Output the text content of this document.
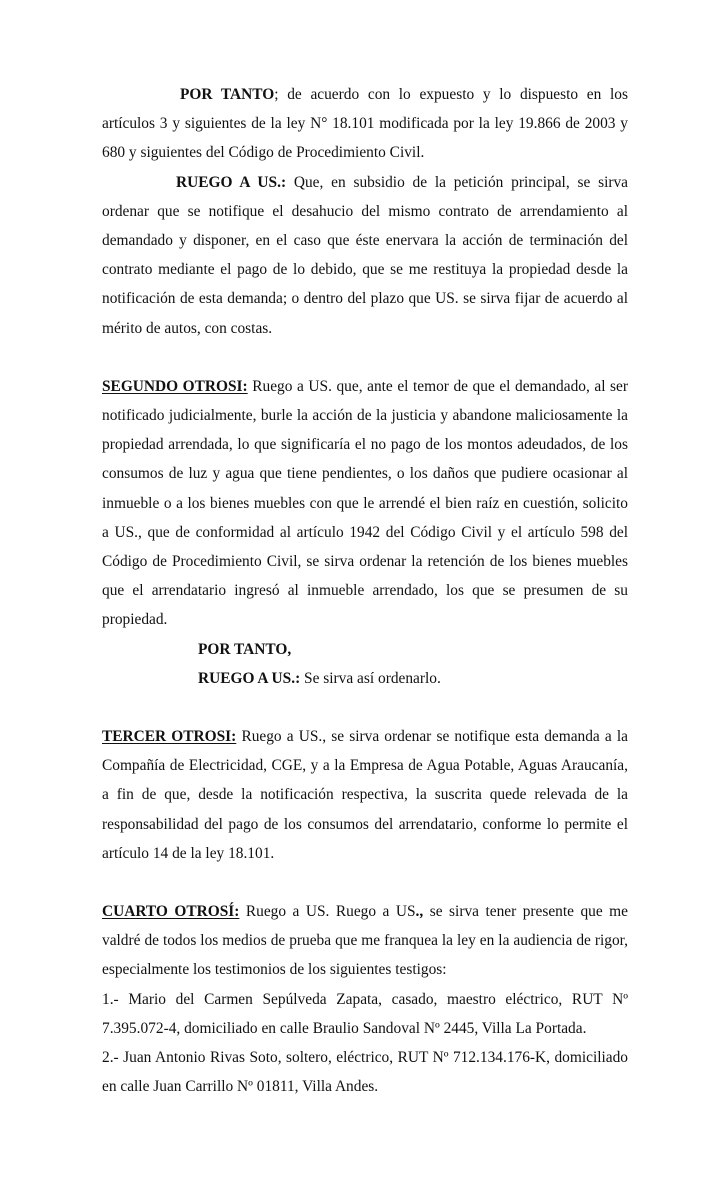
POR TANTO; de acuerdo con lo expuesto y lo dispuesto en los artículos 3 y siguientes de la ley N° 18.101 modificada por la ley 19.866 de 2003 y 680 y siguientes del Código de Procedimiento Civil.

RUEGO A US.: Que, en subsidio de la petición principal, se sirva ordenar que se notifique el desahucio del mismo contrato de arrendamiento al demandado y disponer, en el caso que éste enervara la acción de terminación del contrato mediante el pago de lo debido, que se me restituya la propiedad desde la notificación de esta demanda; o dentro del plazo que US. se sirva fijar de acuerdo al mérito de autos, con costas.

SEGUNDO OTROSI: Ruego a US. que, ante el temor de que el demandado, al ser notificado judicialmente, burle la acción de la justicia y abandone maliciosamente la propiedad arrendada, lo que significaría el no pago de los montos adeudados, de los consumos de luz y agua que tiene pendientes, o los daños que pudiere ocasionar al inmueble o a los bienes muebles con que le arrendé el bien raíz en cuestión, solicito a US., que de conformidad al artículo 1942 del Código Civil y el artículo 598 del Código de Procedimiento Civil, se sirva ordenar la retención de los bienes muebles que el arrendatario ingresó al inmueble arrendado, los que se presumen de su propiedad.

POR TANTO,

RUEGO A US.: Se sirva así ordenarlo.

TERCER OTROSI: Ruego a US., se sirva ordenar se notifique esta demanda a la Compañía de Electricidad, CGE, y a la Empresa de Agua Potable, Aguas Araucanía, a fin de que, desde la notificación respectiva, la suscrita quede relevada de la responsabilidad del pago de los consumos del arrendatario, conforme lo permite el artículo 14 de la ley 18.101.

CUARTO OTROSÍ: Ruego a US. Ruego a US., se sirva tener presente que me valdré de todos los medios de prueba que me franquea la ley en la audiencia de rigor, especialmente los testimonios de los siguientes testigos:

1.- Mario del Carmen Sepúlveda Zapata, casado, maestro eléctrico, RUT Nº 7.395.072-4, domiciliado en calle Braulio Sandoval Nº 2445, Villa La Portada.

2.- Juan Antonio Rivas Soto, soltero, eléctrico, RUT Nº 712.134.176-K, domiciliado en calle Juan Carrillo Nº 01811, Villa Andes.
